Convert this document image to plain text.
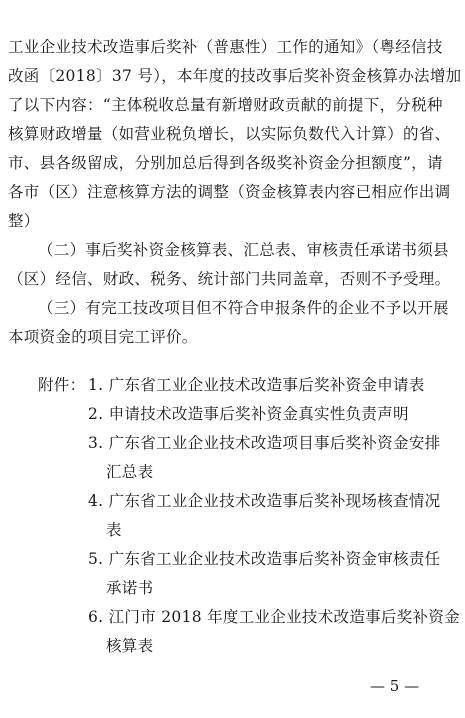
工业企业技术改造事后奖补（普惠性）工作的通知》（粤经信技
改函〔2018〕37 号），本年度的技改事后奖补资金核算办法增加
了以下内容：“主体税收总量有新增财政贡献的前提下，分税种
核算财政增量（如营业税负增长，以实际负数代入计算）的省、
市、县各级留成，分别加总后得到各级奖补资金分担额度”，请
各市（区）注意核算方法的调整（资金核算表内容已相应作出调
整）
（二）事后奖补资金核算表、汇总表、审核责任承诺书须县
（区）经信、财政、税务、统计部门共同盖章，否则不予受理。
（三）有完工技改项目但不符合申报条件的企业不予以开展
本项资金的项目完工评价。
附件： 1. 广东省工业企业技术改造事后奖补资金申请表
2. 申请技术改造事后奖补资金真实性负责声明
3. 广东省工业企业技术改造项目事后奖补资金安排
汇总表
4. 广东省工业企业技术改造事后奖补现场核查情况
表
5. 广东省工业企业技术改造事后奖补资金审核责任
承诺书
6. 江门市 2018 年度工业企业技术改造事后奖补资金
核算表
— 5 —
